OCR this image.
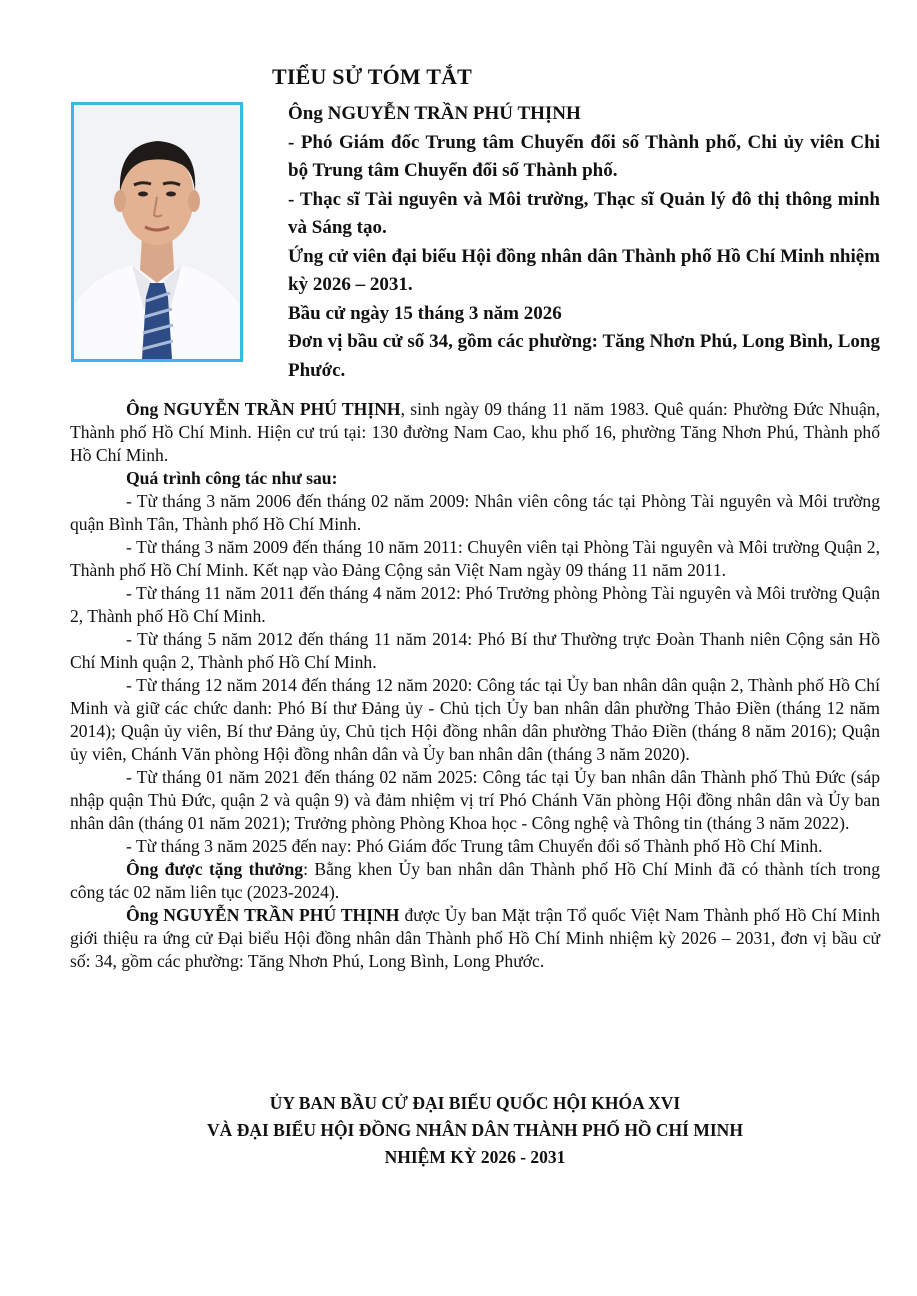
TIỂU SỬ TÓM TẮT

Ông NGUYỄN TRẦN PHÚ THỊNH

- Phó Giám đốc Trung tâm Chuyển đổi số Thành phố, Chi ủy viên Chi bộ Trung tâm Chuyển đổi số Thành phố.

- Thạc sĩ Tài nguyên và Môi trường, Thạc sĩ Quản lý đô thị thông minh và Sáng tạo.

Ứng cử viên đại biểu Hội đồng nhân dân Thành phố Hồ Chí Minh nhiệm kỳ 2026 – 2031.

Bầu cử ngày 15 tháng 3 năm 2026

Đơn vị bầu cử số 34, gồm các phường: Tăng Nhơn Phú, Long Bình, Long Phước.

Ông NGUYỄN TRẦN PHÚ THỊNH, sinh ngày 09 tháng 11 năm 1983. Quê quán: Phường Đức Nhuận, Thành phố Hồ Chí Minh. Hiện cư trú tại: 130 đường Nam Cao, khu phố 16, phường Tăng Nhơn Phú, Thành phố Hồ Chí Minh.

Quá trình công tác như sau:

- Từ tháng 3 năm 2006 đến tháng 02 năm 2009: Nhân viên công tác tại Phòng Tài nguyên và Môi trường quận Bình Tân, Thành phố Hồ Chí Minh.

- Từ tháng 3 năm 2009 đến tháng 10 năm 2011: Chuyên viên tại Phòng Tài nguyên và Môi trường Quận 2, Thành phố Hồ Chí Minh. Kết nạp vào Đảng Cộng sản Việt Nam ngày 09 tháng 11 năm 2011.

- Từ tháng 11 năm 2011 đến tháng 4 năm 2012: Phó Trưởng phòng Phòng Tài nguyên và Môi trường Quận 2, Thành phố Hồ Chí Minh.

- Từ tháng 5 năm 2012 đến tháng 11 năm 2014: Phó Bí thư Thường trực Đoàn Thanh niên Cộng sản Hồ Chí Minh quận 2, Thành phố Hồ Chí Minh.

- Từ tháng 12 năm 2014 đến tháng 12 năm 2020: Công tác tại Ủy ban nhân dân quận 2, Thành phố Hồ Chí Minh và giữ các chức danh: Phó Bí thư Đảng ủy - Chủ tịch Ủy ban nhân dân phường Thảo Điền (tháng 12 năm 2014); Quận ủy viên, Bí thư Đảng ủy, Chủ tịch Hội đồng nhân dân phường Thảo Điền (tháng 8 năm 2016); Quận ủy viên, Chánh Văn phòng Hội đồng nhân dân và Ủy ban nhân dân (tháng 3 năm 2020).

- Từ tháng 01 năm 2021 đến tháng 02 năm 2025: Công tác tại Ủy ban nhân dân Thành phố Thủ Đức (sáp nhập quận Thủ Đức, quận 2 và quận 9) và đảm nhiệm vị trí Phó Chánh Văn phòng Hội đồng nhân dân và Ủy ban nhân dân (tháng 01 năm 2021); Trưởng phòng Phòng Khoa học - Công nghệ và Thông tin (tháng 3 năm 2022).

- Từ tháng 3 năm 2025 đến nay: Phó Giám đốc Trung tâm Chuyển đổi số Thành phố Hồ Chí Minh.

Ông được tặng thưởng: Bằng khen Ủy ban nhân dân Thành phố Hồ Chí Minh đã có thành tích trong công tác 02 năm liên tục (2023-2024).

Ông NGUYỄN TRẦN PHÚ THỊNH được Ủy ban Mặt trận Tổ quốc Việt Nam Thành phố Hồ Chí Minh giới thiệu ra ứng cử Đại biểu Hội đồng nhân dân Thành phố Hồ Chí Minh nhiệm kỳ 2026 – 2031, đơn vị bầu cử số: 34, gồm các phường: Tăng Nhơn Phú, Long Bình, Long Phước.

ỦY BAN BẦU CỬ ĐẠI BIỂU QUỐC HỘI KHÓA XVI
VÀ ĐẠI BIỂU HỘI ĐỒNG NHÂN DÂN THÀNH PHỐ HỒ CHÍ MINH
NHIỆM KỲ 2026 - 2031
